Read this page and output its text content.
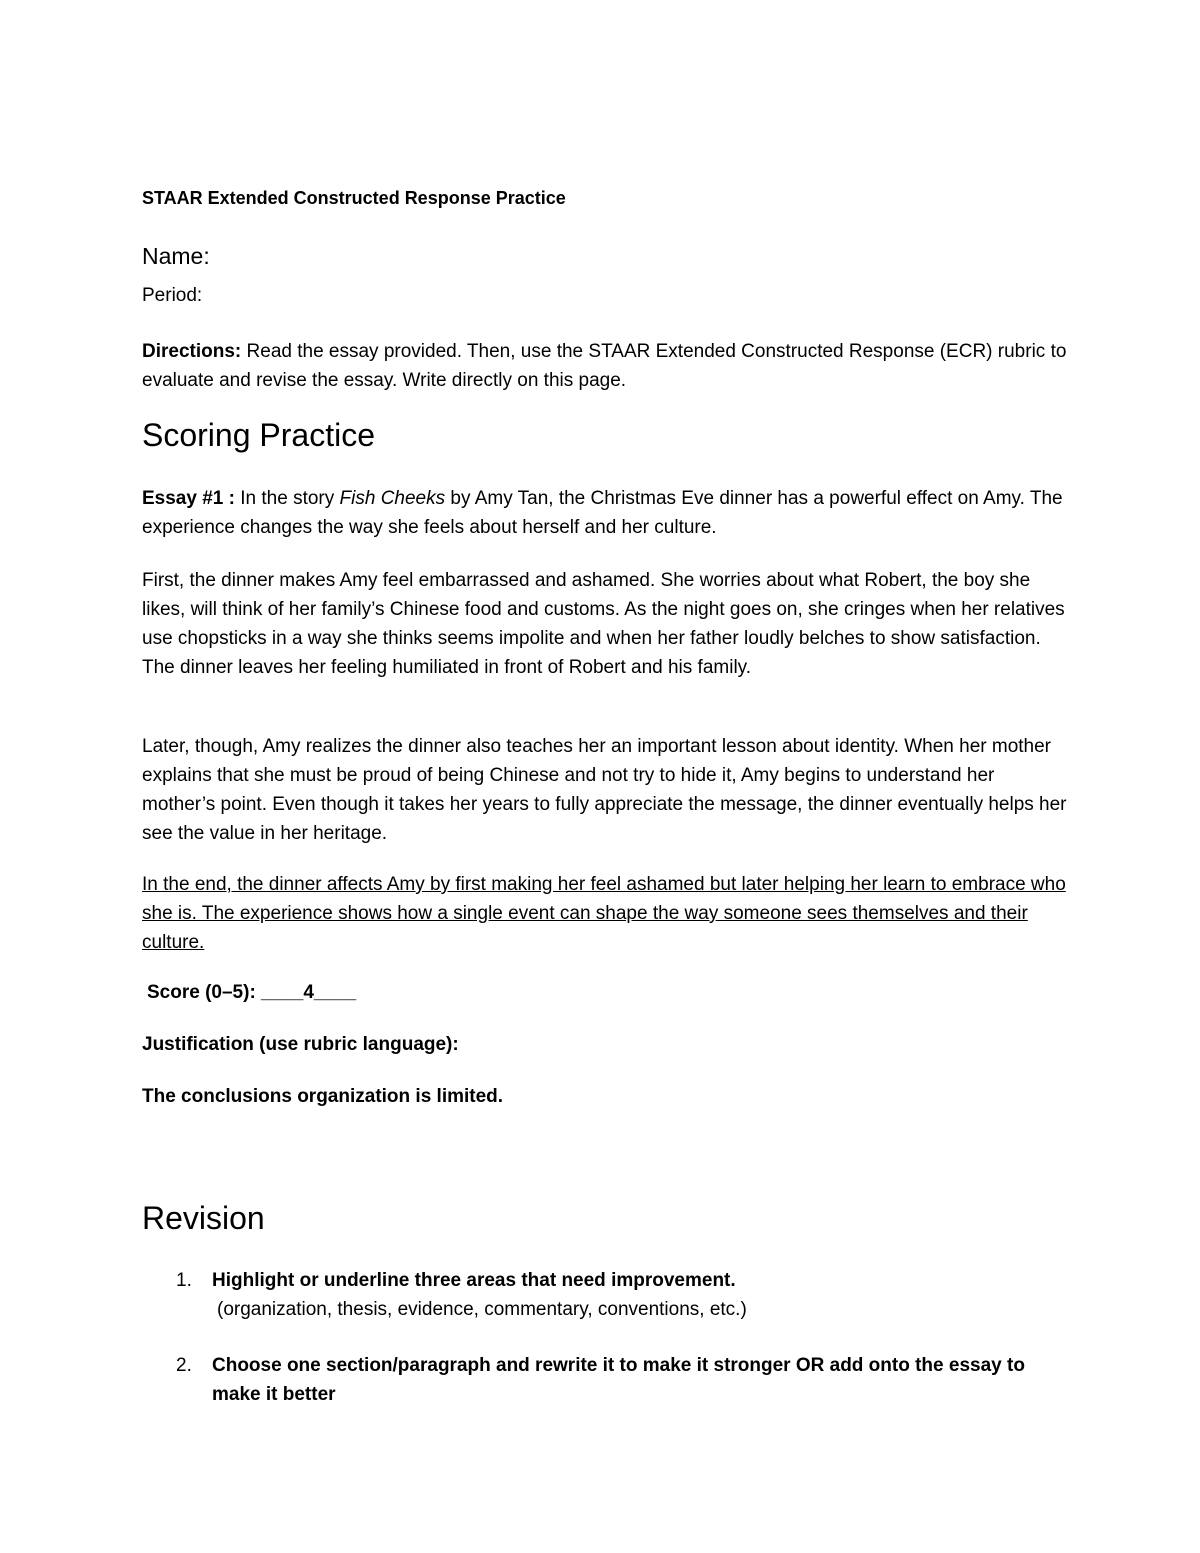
STAAR Extended Constructed Response Practice
Name:
Period:
Directions: Read the essay provided. Then, use the STAAR Extended Constructed Response (ECR) rubric to evaluate and revise the essay. Write directly on this page.
Scoring Practice
Essay #1 : In the story Fish Cheeks by Amy Tan, the Christmas Eve dinner has a powerful effect on Amy. The experience changes the way she feels about herself and her culture.
First, the dinner makes Amy feel embarrassed and ashamed. She worries about what Robert, the boy she likes, will think of her family’s Chinese food and customs. As the night goes on, she cringes when her relatives use chopsticks in a way she thinks seems impolite and when her father loudly belches to show satisfaction. The dinner leaves her feeling humiliated in front of Robert and his family.
Later, though, Amy realizes the dinner also teaches her an important lesson about identity. When her mother explains that she must be proud of being Chinese and not try to hide it, Amy begins to understand her mother’s point. Even though it takes her years to fully appreciate the message, the dinner eventually helps her see the value in her heritage.
In the end, the dinner affects Amy by first making her feel ashamed but later helping her learn to embrace who she is. The experience shows how a single event can shape the way someone sees themselves and their culture.
Score (0–5): ____4____
Justification (use rubric language):
The conclusions organization is limited.
Revision
1. Highlight or underline three areas that need improvement.
(organization, thesis, evidence, commentary, conventions, etc.)
2. Choose one section/paragraph and rewrite it to make it stronger OR add onto the essay to make it better
